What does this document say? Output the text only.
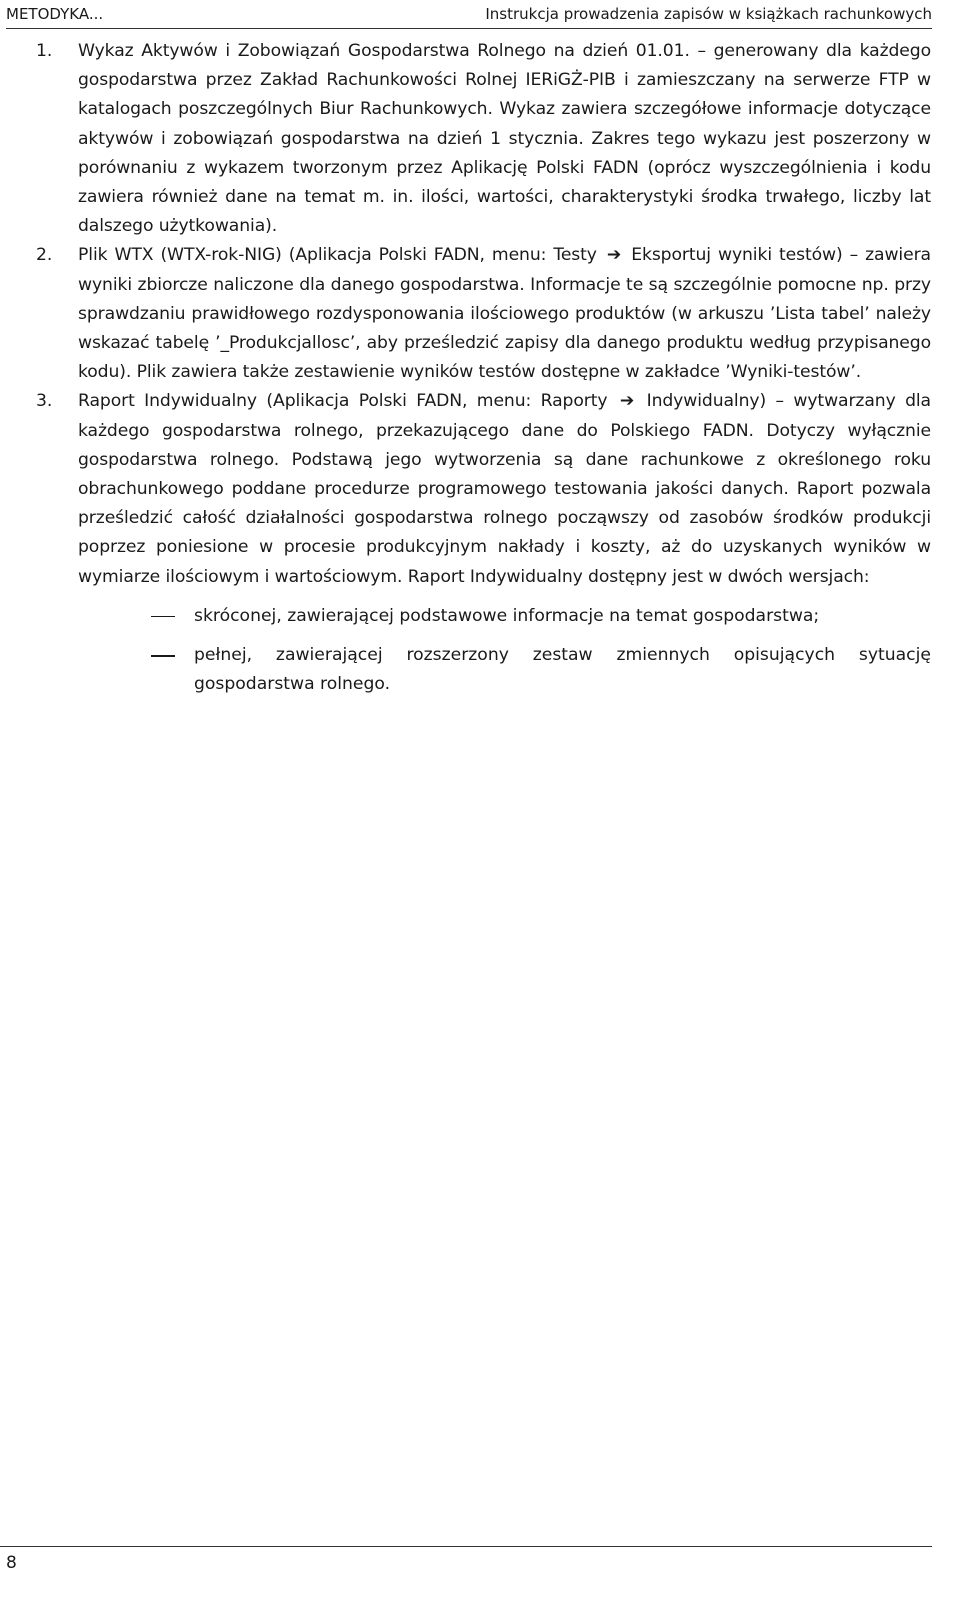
METODYKA...	Instrukcja prowadzenia zapisów w książkach rachunkowych
1.	Wykaz Aktywów i Zobowiązań Gospodarstwa Rolnego na dzień 01.01. – generowany dla każdego gospodarstwa przez Zakład Rachunkowości Rolnej IERiGŻ-PIB i zamieszczany na serwerze FTP w katalogach poszczególnych Biur Rachunkowych. Wykaz zawiera szczegółowe informacje dotyczące aktywów i zobowiązań gospodarstwa na dzień 1 stycznia. Zakres tego wykazu jest poszerzony w porównaniu z wykazem tworzonym przez Aplikację Polski FADN (oprócz wyszczególnienia i kodu zawiera również dane na temat m. in. ilości, wartości, charakterystyki środka trwałego, liczby lat dalszego użytkowania).

2.	Plik WTX (WTX-rok-NIG) (Aplikacja Polski FADN, menu: Testy ➔ Eksportuj wyniki testów) – zawiera wyniki zbiorcze naliczone dla danego gospodarstwa. Informacje te są szczególnie pomocne np. przy sprawdzaniu prawidłowego rozdysponowania ilościowego produktów (w arkuszu ’Lista tabel’ należy wskazać tabelę ’_Produkcjallosc’, aby prześledzić zapisy dla danego produktu według przypisanego kodu). Plik zawiera także zestawienie wyników testów dostępne w zakładce ’Wyniki-testów’.

3.	Raport Indywidualny (Aplikacja Polski FADN, menu: Raporty ➔ Indywidualny) – wytwarzany dla każdego gospodarstwa rolnego, przekazującego dane do Polskiego FADN. Dotyczy wyłącznie gospodarstwa rolnego. Podstawą jego wytworzenia są dane rachunkowe z określonego roku obrachunkowego poddane procedurze programowego testowania jakości danych. Raport pozwala prześledzić całość działalności gospodarstwa rolnego począwszy od zasobów środków produkcji poprzez poniesione w procesie produkcyjnym nakłady i koszty, aż do uzyskanych wyników w wymiarze ilościowym i wartościowym. Raport Indywidualny dostępny jest w dwóch wersjach:

skróconej, zawierającej podstawowe informacje na temat gospodarstwa;
pełnej, zawierającej rozszerzony zestaw zmiennych opisujących sytuację gospodarstwa rolnego.
8
